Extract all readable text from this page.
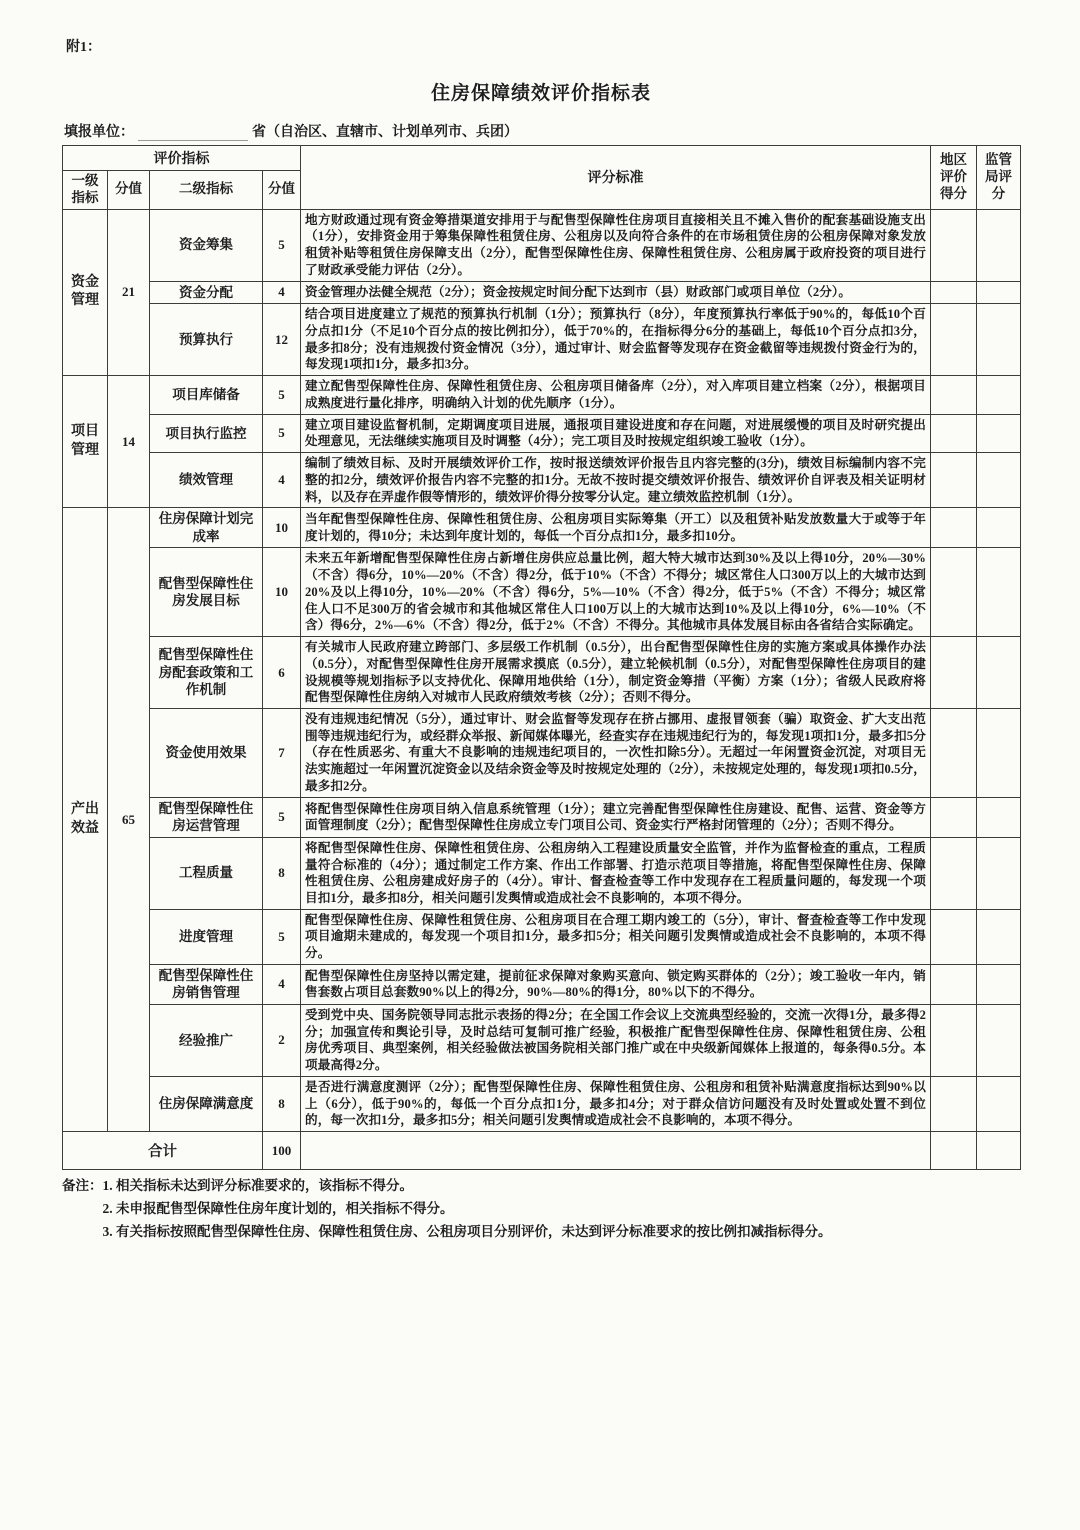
附1：
住房保障绩效评价指标表
填报单位：	省（自治区、直辖市、计划单列市、兵团）
评价指标				评分标准	地区评价得分	监管局评分
一级指标	分值	二级指标	分值			
资金管理	21	资金筹集	5	地方财政通过现有资金筹措渠道安排用于与配售型保障性住房项目直接相关且不摊入售价的配套基础设施支出（1分），安排资金用于筹集保障性租赁住房、公租房以及向符合条件的在市场租赁住房的公租房保障对象发放租赁补贴等租赁住房保障支出（2分），配售型保障性住房、保障性租赁住房、公租房属于政府投资的项目进行了财政承受能力评估（2分）。		
		资金分配	4	资金管理办法健全规范（2分）；资金按规定时间分配下达到市（县）财政部门或项目单位（2分）。		
		预算执行	12	结合项目进度建立了规范的预算执行机制（1分）；预算执行（8分），年度预算执行率低于90%的，每低10个百分点扣1分（不足10个百分点的按比例扣分），低于70%的，在指标得分6分的基础上，每低10个百分点扣3分，最多扣8分；没有违规拨付资金情况（3分），通过审计、财会监督等发现存在资金截留等违规拨付资金行为的，每发现1项扣1分，最多扣3分。		
项目管理	14	项目库储备	5	建立配售型保障性住房、保障性租赁住房、公租房项目储备库（2分），对入库项目建立档案（2分），根据项目成熟度进行量化排序，明确纳入计划的优先顺序（1分）。		
		项目执行监控	5	建立项目建设监督机制，定期调度项目进展，通报项目建设进度和存在问题，对进展缓慢的项目及时研究提出处理意见，无法继续实施项目及时调整（4分）；完工项目及时按规定组织竣工验收（1分）。		
		绩效管理	4	编制了绩效目标、及时开展绩效评价工作，按时报送绩效评价报告且内容完整的(3分)，绩效目标编制内容不完整的扣2分，绩效评价报告内容不完整的扣1分。无故不按时提交绩效评价报告、绩效评价自评表及相关证明材料，以及存在弄虚作假等情形的，绩效评价得分按零分认定。建立绩效监控机制（1分）。		
产出效益	65	住房保障计划完成率	10	当年配售型保障性住房、保障性租赁住房、公租房项目实际筹集（开工）以及租赁补贴发放数量大于或等于年度计划的，得10分；未达到年度计划的，每低一个百分点扣1分，最多扣10分。		
		配售型保障性住房发展目标	10	未来五年新增配售型保障性住房占新增住房供应总量比例，超大特大城市达到30%及以上得10分，20%—30%（不含）得6分，10%—20%（不含）得2分，低于10%（不含）不得分；城区常住人口300万以上的大城市达到20%及以上得10分，10%—20%（不含）得6分，5%—10%（不含）得2分，低于5%（不含）不得分；城区常住人口不足300万的省会城市和其他城区常住人口100万以上的大城市达到10%及以上得10分，6%—10%（不含）得6分，2%—6%（不含）得2分，低于2%（不含）不得分。其他城市具体发展目标由各省结合实际确定。		
		配售型保障性住房配套政策和工作机制	6	有关城市人民政府建立跨部门、多层级工作机制（0.5分），出台配售型保障性住房的实施方案或具体操作办法（0.5分），对配售型保障性住房开展需求摸底（0.5分），建立轮候机制（0.5分），对配售型保障性住房项目的建设规模等规划指标予以支持优化、保障用地供给（1分），制定资金筹措（平衡）方案（1分）；省级人民政府将配售型保障性住房纳入对城市人民政府绩效考核（2分）；否则不得分。		
		资金使用效果	7	没有违规违纪情况（5分），通过审计、财会监督等发现存在挤占挪用、虚报冒领套（骗）取资金、扩大支出范围等违规违纪行为，或经群众举报、新闻媒体曝光，经查实存在违规违纪行为的，每发现1项扣1分，最多扣5分（存在性质恶劣、有重大不良影响的违规违纪项目的，一次性扣除5分）。无超过一年闲置资金沉淀，对项目无法实施超过一年闲置沉淀资金以及结余资金等及时按规定处理的（2分），未按规定处理的，每发现1项扣0.5分，最多扣2分。		
		配售型保障性住房运营管理	5	将配售型保障性住房项目纳入信息系统管理（1分）；建立完善配售型保障性住房建设、配售、运营、资金等方面管理制度（2分）；配售型保障性住房成立专门项目公司、资金实行严格封闭管理的（2分）；否则不得分。		
		工程质量	8	将配售型保障性住房、保障性租赁住房、公租房纳入工程建设质量安全监管，并作为监督检查的重点，工程质量符合标准的（4分）；通过制定工作方案、作出工作部署、打造示范项目等措施，将配售型保障性住房、保障性租赁住房、公租房建成好房子的（4分）。审计、督查检查等工作中发现存在工程质量问题的，每发现一个项目扣1分，最多扣8分，相关问题引发舆情或造成社会不良影响的，本项不得分。		
		进度管理	5	配售型保障性住房、保障性租赁住房、公租房项目在合理工期内竣工的（5分），审计、督查检查等工作中发现项目逾期未建成的，每发现一个项目扣1分，最多扣5分；相关问题引发舆情或造成社会不良影响的，本项不得分。		
		配售型保障性住房销售管理	4	配售型保障性住房坚持以需定建，提前征求保障对象购买意向、锁定购买群体的（2分）；竣工验收一年内，销售套数占项目总套数90%以上的得2分，90%—80%的得1分，80%以下的不得分。		
		经验推广	2	受到党中央、国务院领导同志批示表扬的得2分；在全国工作会议上交流典型经验的，交流一次得1分，最多得2分；加强宣传和舆论引导，及时总结可复制可推广经验，积极推广配售型保障性住房、保障性租赁住房、公租房优秀项目、典型案例，相关经验做法被国务院相关部门推广或在中央级新闻媒体上报道的，每条得0.5分。本项最高得2分。		
		住房保障满意度	8	是否进行满意度测评（2分）；配售型保障性住房、保障性租赁住房、公租房和租赁补贴满意度指标达到90%以上（6分），低于90%的，每低一个百分点扣1分，最多扣4分；对于群众信访问题没有及时处置或处置不到位的，每一次扣1分，最多扣5分；相关问题引发舆情或造成社会不良影响的，本项不得分。		
合计			100			
备注： 1. 相关指标未达到评分标准要求的，该指标不得分。
2. 未申报配售型保障性住房年度计划的，相关指标不得分。
3. 有关指标按照配售型保障性住房、保障性租赁住房、公租房项目分别评价，未达到评分标准要求的按比例扣减指标得分。
